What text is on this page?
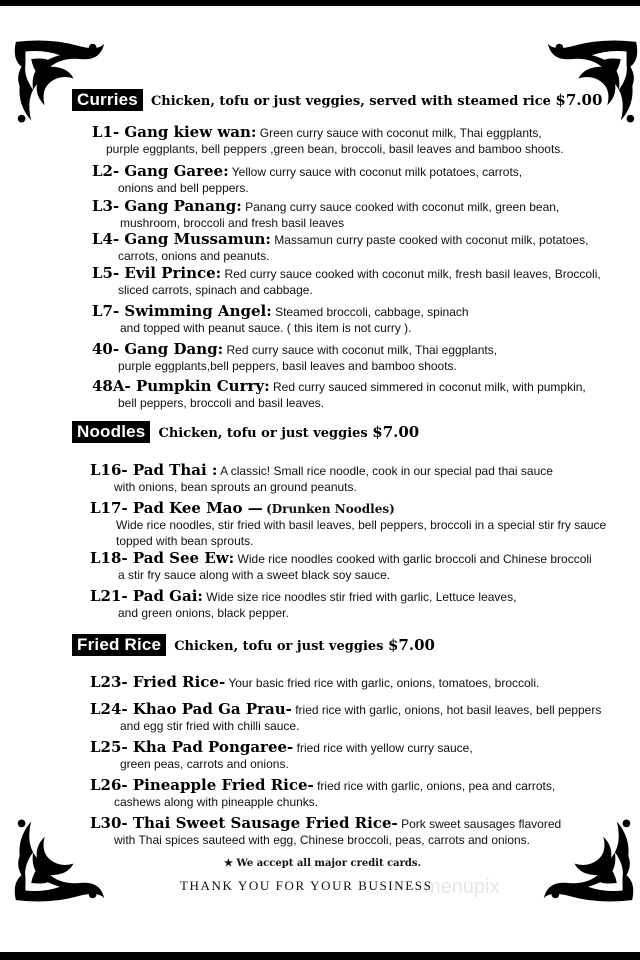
Curries	Chicken, tofu or just veggies, served with steamed rice $7.00
L1- Gang kiew wan: Green curry sauce with coconut milk, Thai eggplants,
purple eggplants, bell peppers ,green bean, broccoli, basil leaves and bamboo shoots.
L2- Gang Garee: Yellow curry sauce with coconut milk potatoes, carrots,
onions and bell peppers.
L3- Gang Panang: Panang curry sauce cooked with coconut milk, green bean,
mushroom, broccoli and fresh basil leaves
L4- Gang Mussamun: Massamun curry paste cooked with coconut milk, potatoes,
carrots, onions and peanuts.
L5- Evil Prince: Red curry sauce cooked with coconut milk, fresh basil leaves, Broccoli,
sliced carrots, spinach and cabbage.
L7- Swimming Angel: Steamed broccoli, cabbage, spinach
and topped with peanut sauce. ( this item is not curry ).
40- Gang Dang: Red curry sauce with coconut milk, Thai eggplants,
purple eggplants,bell peppers, basil leaves and bamboo shoots.
48A- Pumpkin Curry: Red curry sauced simmered in coconut milk, with pumpkin,
bell peppers, broccoli and basil leaves.
Noodles	Chicken, tofu or just veggies $7.00
L16- Pad Thai : A classic! Small rice noodle, cook in our special pad thai sauce
with onions, bean sprouts an ground peanuts.
L17- Pad Kee Mao — (Drunken Noodles)
Wide rice noodles, stir fried with basil leaves, bell peppers, broccoli in a special stir fry sauce
topped with bean sprouts.
L18- Pad See Ew: Wide rice noodles cooked with garlic broccoli and Chinese broccoli
a stir fry sauce along with a sweet black soy sauce.
L21- Pad Gai: Wide size rice noodles stir fried with garlic, Lettuce leaves,
and green onions, black pepper.
Fried Rice	Chicken, tofu or just veggies $7.00
L23- Fried Rice- Your basic fried rice with garlic, onions, tomatoes, broccoli.
L24- Khao Pad Ga Prau- fried rice with garlic, onions, hot basil leaves, bell peppers
and egg stir fried with chilli sauce.
L25- Kha Pad Pongaree- fried rice with yellow curry sauce,
green peas, carrots and onions.
L26- Pineapple Fried Rice- fried rice with garlic, onions, pea and carrots,
cashews along with pineapple chunks.
L30- Thai Sweet Sausage Fried Rice- Pork sweet sausages flavored
with Thai spices sauteed with egg, Chinese broccoli, peas, carrots and onions.
★ We accept all major credit cards.
THANK YOU FOR YOUR BUSINESS
menupix
